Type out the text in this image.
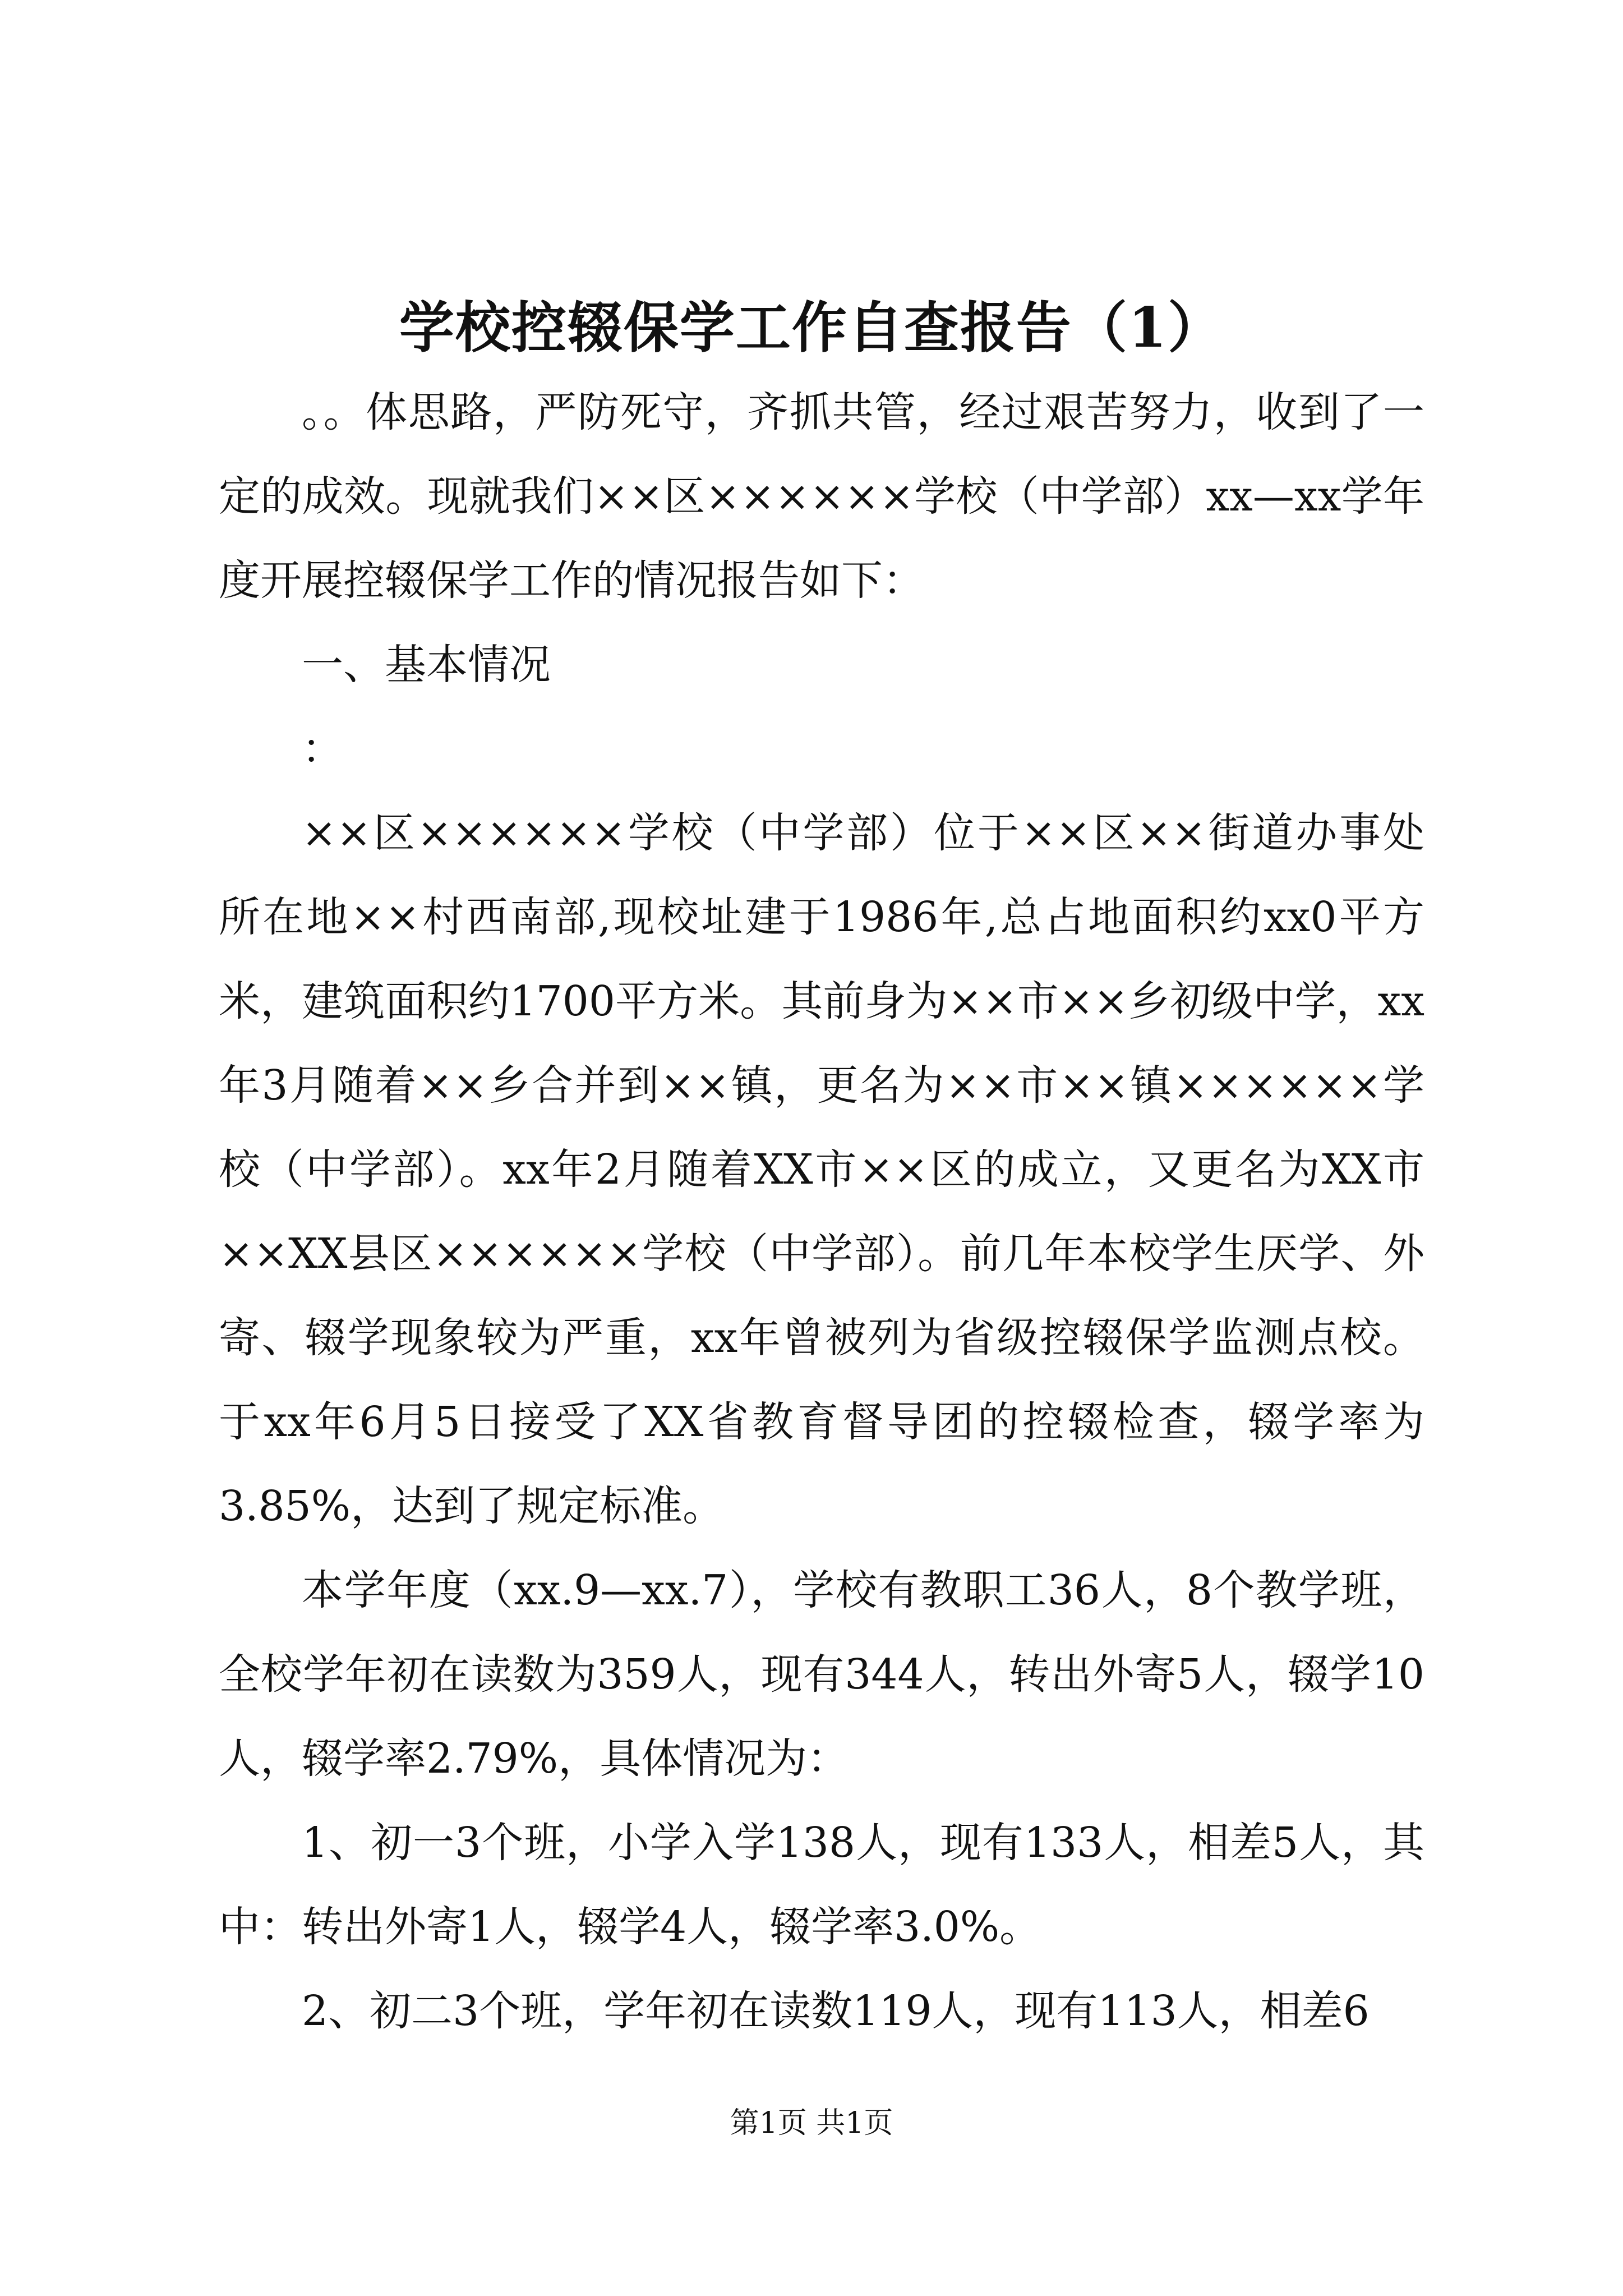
学校控辍保学工作自查报告（1）

。。体思路，严防死守，齐抓共管，经过艰苦努力，收到了一定的成效。现就我们××区××××××学校（中学部）xx—xx学年度开展控辍保学工作的情况报告如下：

一、基本情况

：

××区××××××学校（中学部）位于××区××街道办事处所在地××村西南部,现校址建于1986年,总占地面积约xx0平方米，建筑面积约1700平方米。其前身为××市××乡初级中学，xx年3月随着××乡合并到××镇，更名为××市××镇××××××学校（中学部）。xx年2月随着XX市××区的成立，又更名为XX市××XX县区××××××学校（中学部）。前几年本校学生厌学、外寄、辍学现象较为严重，xx年曾被列为省级控辍保学监测点校。于xx年6月5日接受了XX省教育督导团的控辍检查，辍学率为3.85%，达到了规定标准。

本学年度（xx.9—xx.7），学校有教职工36人，8个教学班，全校学年初在读数为359人，现有344人，转出外寄5人，辍学10人，辍学率2.79%，具体情况为：

1、初一3个班，小学入学138人，现有133人，相差5人，其中：转出外寄1人，辍学4人，辍学率3.0%。

2、初二3个班，学年初在读数119人，现有113人，相差6

第1页 共1页
